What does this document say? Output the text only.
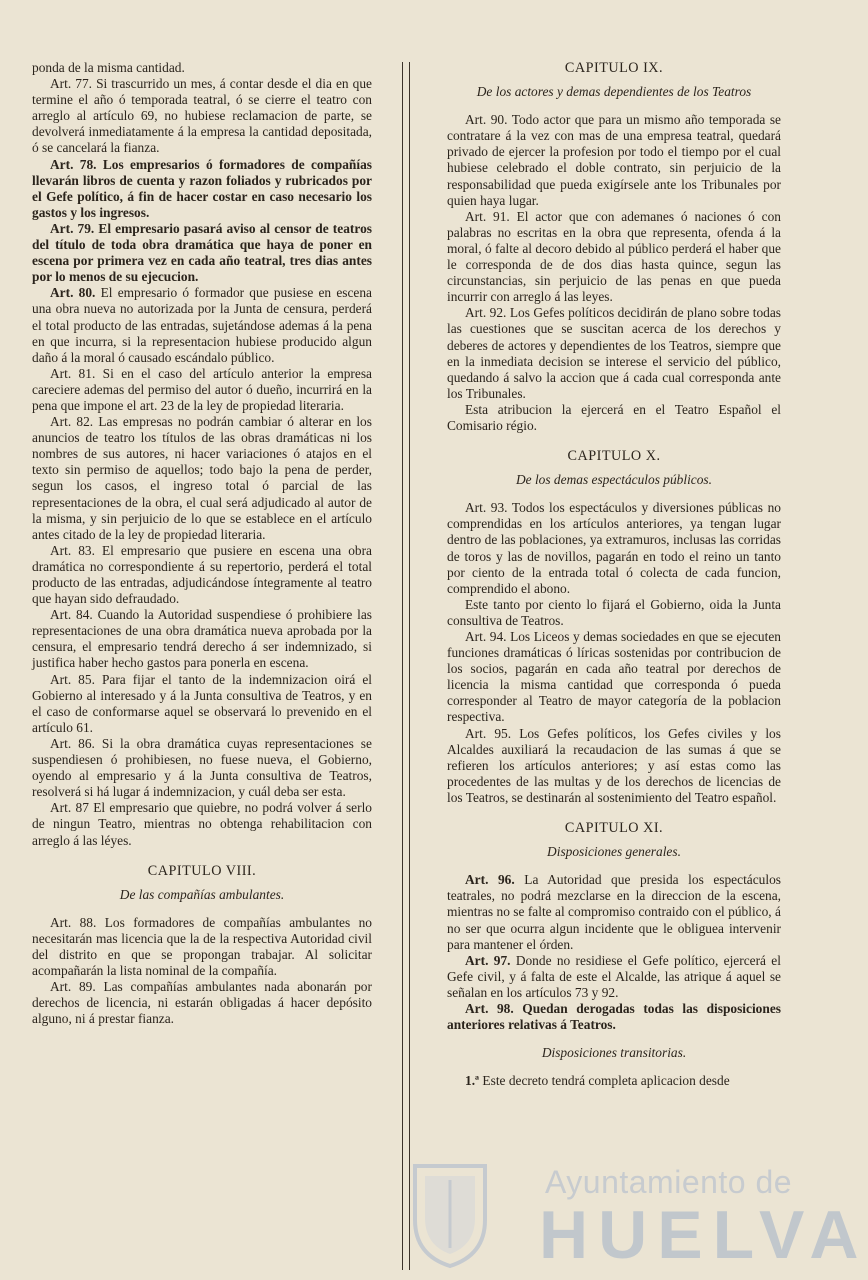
ponda de la misma cantidad.

Art. 77. Si trascurrido un mes, á contar desde el dia en que termine el año ó temporada teatral, ó se cierre el teatro con arreglo al artículo 69, no hubiese reclamacion de parte, se devolverá inmediatamente á la empresa la cantidad depositada, ó se cancelará la fianza.

Art. 78. Los empresarios ó formadores de compañías llevarán libros de cuenta y razon foliados y rubricados por el Gefe político, á fin de hacer costar en caso necesario los gastos y los ingresos.

Art. 79. El empresario pasará aviso al censor de teatros del título de toda obra dramática que haya de poner en escena por primera vez en cada año teatral, tres dias antes por lo menos de su ejecucion.

Art. 80. El empresario ó formador que pusiese en escena una obra nueva no autorizada por la Junta de censura, perderá el total producto de las entradas, sujetándose ademas á la pena en que incurra, si la representacion hubiese producido algun daño á la moral ó causado escándalo público.

Art. 81. Si en el caso del artículo anterior la empresa careciere ademas del permiso del autor ó dueño, incurrirá en la pena que impone el art. 23 de la ley de propiedad literaria.

Art. 82. Las empresas no podrán cambiar ó alterar en los anuncios de teatro los títulos de las obras dramáticas ni los nombres de sus autores, ni hacer variaciones ó atajos en el texto sin permiso de aquellos; todo bajo la pena de perder, segun los casos, el ingreso total ó parcial de las representaciones de la obra, el cual será adjudicado al autor de la misma, y sin perjuicio de lo que se establece en el artículo antes citado de la ley de propiedad literaria.

Art. 83. El empresario que pusiere en escena una obra dramática no correspondiente á su repertorio, perderá el total producto de las entradas, adjudicándose íntegramente al teatro que hayan sido defraudado.

Art. 84. Cuando la Autoridad suspendiese ó prohibiere las representaciones de una obra dramática nueva aprobada por la censura, el empresario tendrá derecho á ser indemnizado, si justifica haber hecho gastos para ponerla en escena.

Art. 85. Para fijar el tanto de la indemnizacion oirá el Gobierno al interesado y á la Junta consultiva de Teatros, y en el caso de conformarse aquel se observará lo prevenido en el artículo 61.

Art. 86. Si la obra dramática cuyas representaciones se suspendiesen ó prohibiesen, no fuese nueva, el Gobierno, oyendo al empresario y á la Junta consultiva de Teatros, resolverá si há lugar á indemnizacion, y cuál deba ser esta.

Art. 87 El empresario que quiebre, no podrá volver á serlo de ningun Teatro, mientras no obtenga rehabilitacion con arreglo á las léyes.

CAPITULO VIII.
De las compañías ambulantes.

Art. 88. Los formadores de compañías ambulantes no necesitarán mas licencia que la de la respectiva Autoridad civil del distrito en que se propongan trabajar. Al solicitar acompañarán la lista nominal de la compañía.

Art. 89. Las compañías ambulantes nada abonarán por derechos de licencia, ni estarán obligadas á hacer depósito alguno, ni á prestar fianza.

CAPITULO IX.
De los actores y demas dependientes de los Teatros

Art. 90. Todo actor que para un mismo año temporada se contratare á la vez con mas de una empresa teatral, quedará privado de ejercer la profesion por todo el tiempo por el cual hubiese celebrado el doble contrato, sin perjuicio de la responsabilidad que pueda exigírsele ante los Tribunales por quien haya lugar.

Art. 91. El actor que con ademanes ó naciones ó con palabras no escritas en la obra que representa, ofenda á la moral, ó falte al decoro debido al público perderá el haber que le corresponda de de dos dias hasta quince, segun las circunstancias, sin perjuicio de las penas en que pueda incurrir con arreglo á las leyes.

Art. 92. Los Gefes políticos decidirán de plano sobre todas las cuestiones que se suscitan acerca de los derechos y deberes de actores y dependientes de los Teatros, siempre que en la inmediata decision se interese el servicio del público, quedando á salvo la accion que á cada cual corresponda ante los Tribunales.

Esta atribucion la ejercerá en el Teatro Español el Comisario régio.

CAPITULO X.
De los demas espectáculos públicos.

Art. 93. Todos los espectáculos y diversiones públicas no comprendidas en los artículos anteriores, ya tengan lugar dentro de las poblaciones, ya extramuros, inclusas las corridas de toros y las de novillos, pagarán en todo el reino un tanto por ciento de la entrada total ó colecta de cada funcion, comprendido el abono.

Este tanto por ciento lo fijará el Gobierno, oida la Junta consultiva de Teatros.

Art. 94. Los Liceos y demas sociedades en que se ejecuten funciones dramáticas ó líricas sostenidas por contribucion de los socios, pagarán en cada año teatral por derechos de licencia la misma cantidad que corresponda ó pueda corresponder al Teatro de mayor categoría de la poblacion respectiva.

Art. 95. Los Gefes políticos, los Gefes civiles y los Alcaldes auxiliará la recaudacion de las sumas á que se refieren los artículos anteriores; y así estas como las procedentes de las multas y de los derechos de licencias de los Teatros, se destinarán al sostenimiento del Teatro español.

CAPITULO XI.
Disposiciones generales.

Art. 96. La Autoridad que presida los espectáculos teatrales, no podrá mezclarse en la direccion de la escena, mientras no se falte al compromiso contraido con el público, á no ser que ocurra algun incidente que le obliguea intervenir para mantener el órden.

Art. 97. Donde no residiese el Gefe político, ejercerá el Gefe civil, y á falta de este el Alcalde, las atrique á aquel se señalan en los artículos 73 y 92.

Art. 98. Quedan derogadas todas las disposiciones anteriores relativas á Teatros.

Disposiciones transitorias.

1.ª Este decreto tendrá completa aplicacion desde

Ayuntamiento de
HUELVA
